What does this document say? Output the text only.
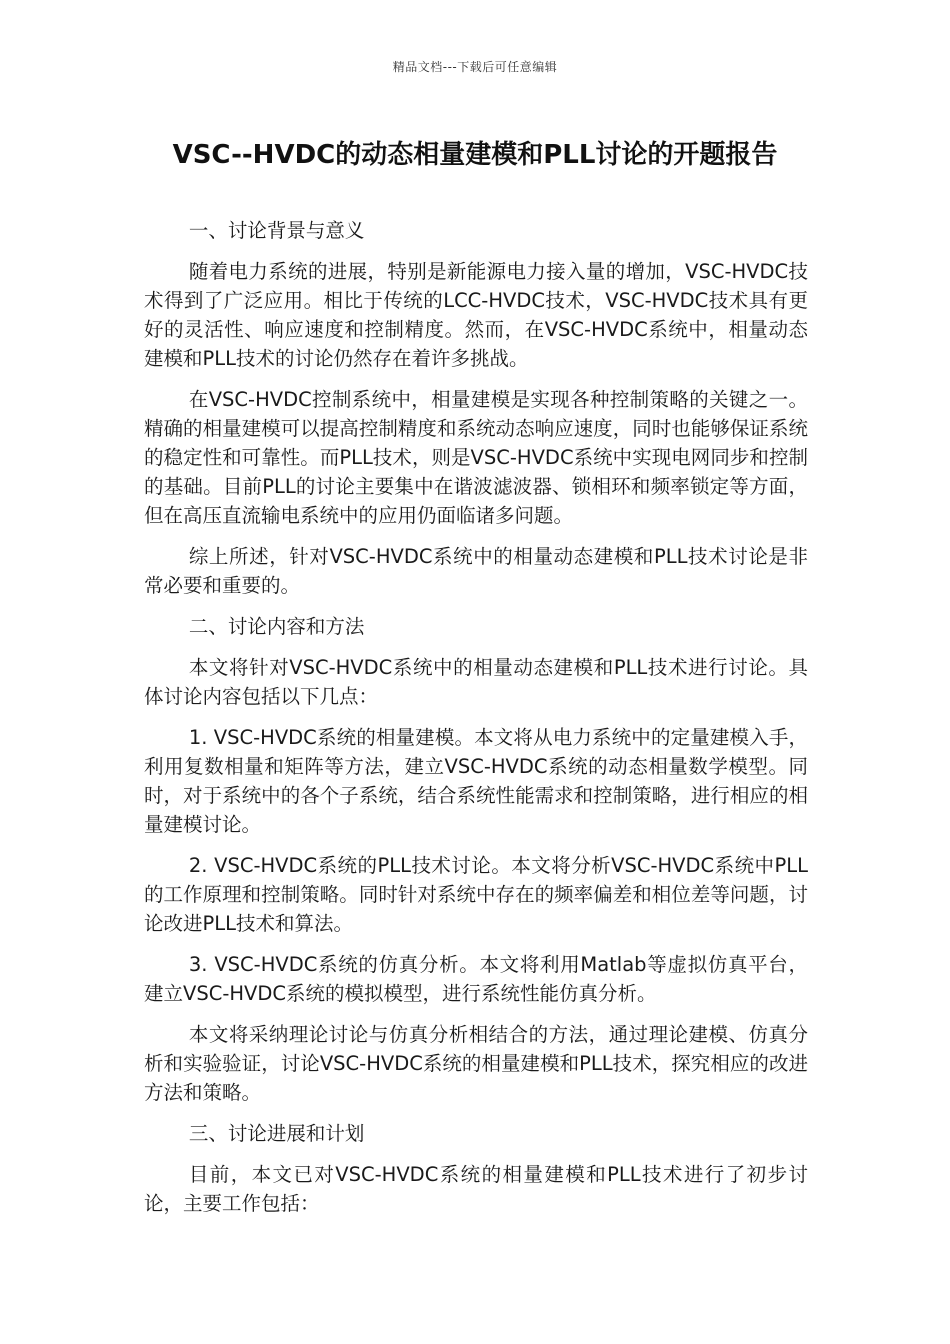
精品文档---下载后可任意编辑
VSC--HVDC的动态相量建模和PLL讨论的开题报告

一、讨论背景与意义

随着电力系统的进展，特别是新能源电力接入量的增加，VSC-HVDC技术得到了广泛应用。相比于传统的LCC-HVDC技术，VSC-HVDC技术具有更好的灵活性、响应速度和控制精度。然而，在VSC-HVDC系统中，相量动态建模和PLL技术的讨论仍然存在着许多挑战。

在VSC-HVDC控制系统中，相量建模是实现各种控制策略的关键之一。精确的相量建模可以提高控制精度和系统动态响应速度，同时也能够保证系统的稳定性和可靠性。而PLL技术，则是VSC-HVDC系统中实现电网同步和控制的基础。目前PLL的讨论主要集中在谐波滤波器、锁相环和频率锁定等方面，但在高压直流输电系统中的应用仍面临诸多问题。

综上所述，针对VSC-HVDC系统中的相量动态建模和PLL技术讨论是非常必要和重要的。

二、讨论内容和方法

本文将针对VSC-HVDC系统中的相量动态建模和PLL技术进行讨论。具体讨论内容包括以下几点：

1. VSC-HVDC系统的相量建模。本文将从电力系统中的定量建模入手，利用复数相量和矩阵等方法，建立VSC-HVDC系统的动态相量数学模型。同时，对于系统中的各个子系统，结合系统性能需求和控制策略，进行相应的相量建模讨论。

2. VSC-HVDC系统的PLL技术讨论。本文将分析VSC-HVDC系统中PLL的工作原理和控制策略。同时针对系统中存在的频率偏差和相位差等问题，讨论改进PLL技术和算法。

3. VSC-HVDC系统的仿真分析。本文将利用Matlab等虚拟仿真平台，建立VSC-HVDC系统的模拟模型，进行系统性能仿真分析。

本文将采纳理论讨论与仿真分析相结合的方法，通过理论建模、仿真分析和实验验证，讨论VSC-HVDC系统的相量建模和PLL技术，探究相应的改进方法和策略。

三、讨论进展和计划

目前，本文已对VSC-HVDC系统的相量建模和PLL技术进行了初步讨论，主要工作包括：
